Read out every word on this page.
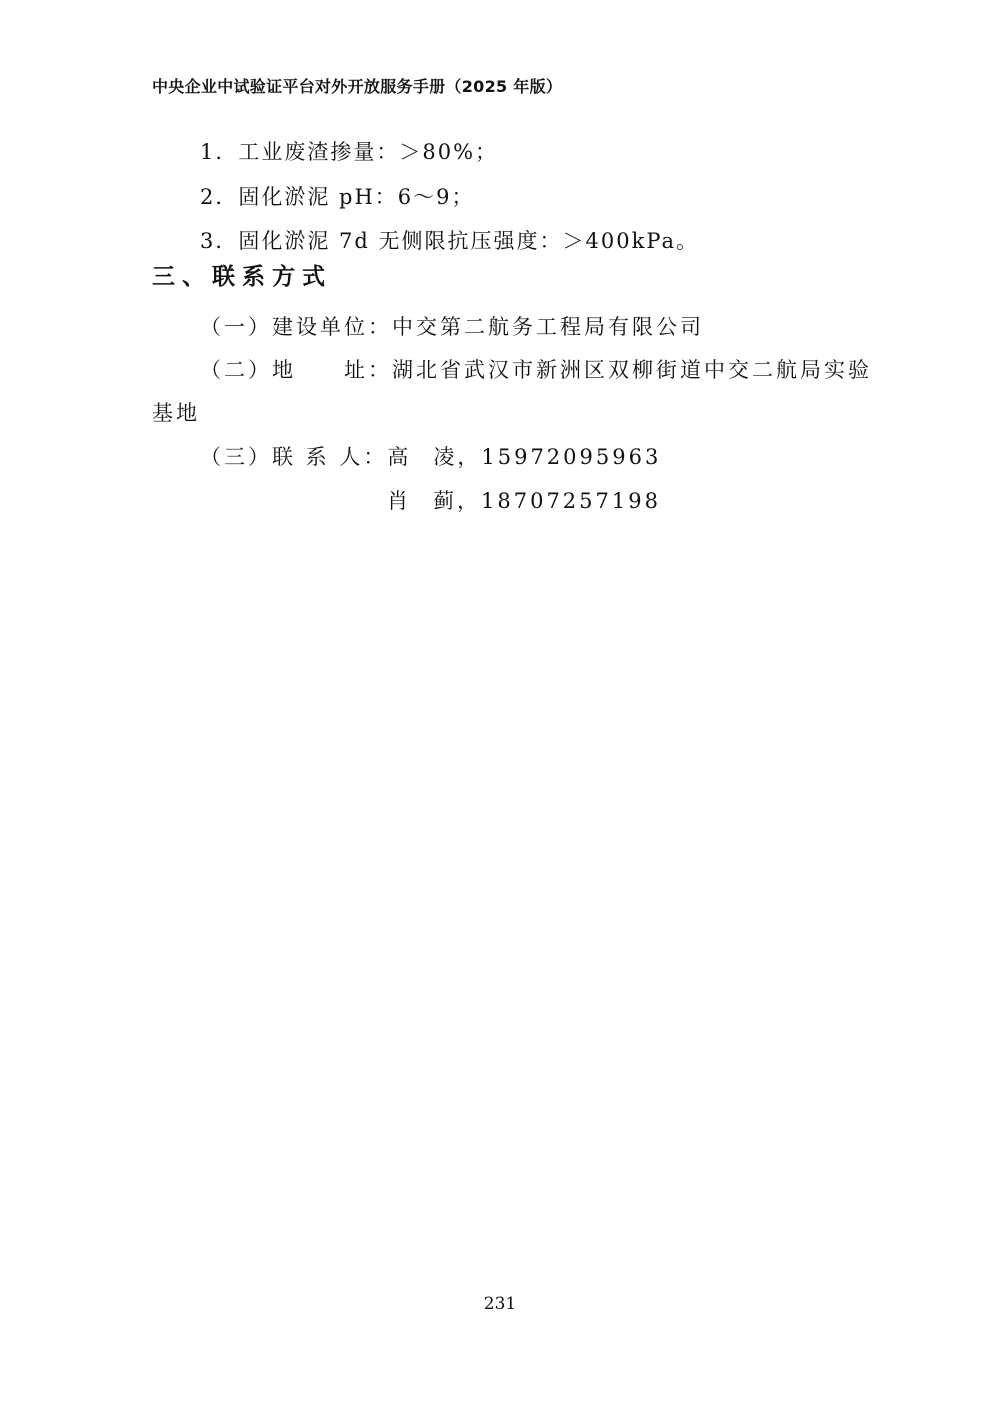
中央企业中试验证平台对外开放服务手册（2025 年版）
1．工业废渣掺量：＞80%；
2．固化淤泥 pH：6～9；
3．固化淤泥 7d 无侧限抗压强度：＞400kPa。
三、联系方式
（一）建设单位：中交第二航务工程局有限公司
（二）地 址：湖北省武汉市新洲区双柳街道中交二航局实验
基地
（三）联 系 人：高 凌，15972095963
肖 蓟，18707257198
231
